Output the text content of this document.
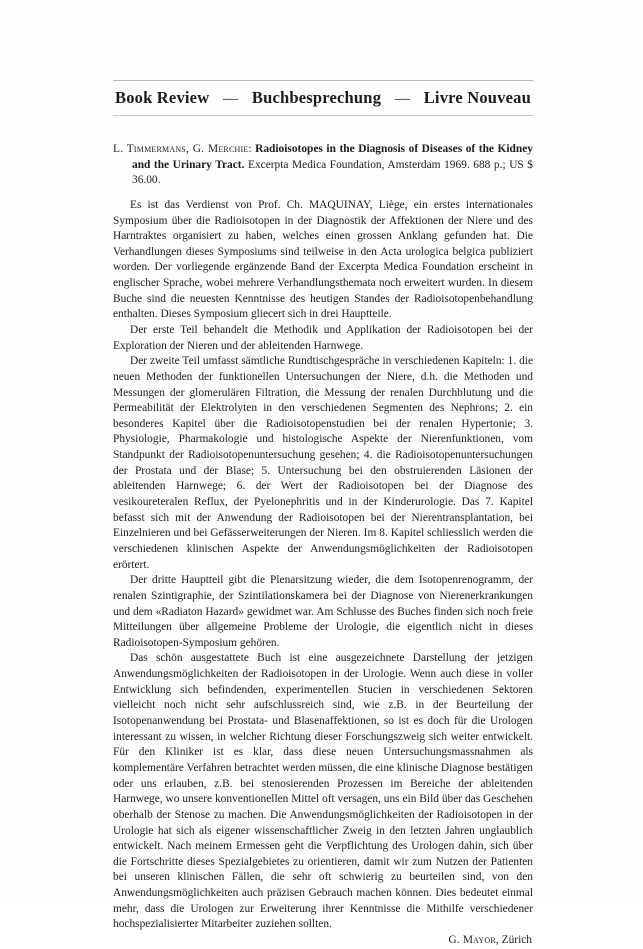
Book Review — Buchbesprechung — Livre Nouveau
L. Timmermans, G. Merchie: Radioisotopes in the Diagnosis of Diseases of the Kidney and the Urinary Tract. Excerpta Medica Foundation, Amsterdam 1969. 688 p.; US $ 36.00.

Es ist das Verdienst von Prof. Ch. MAQUINAY, Liège, ein erstes internationales Symposium über die Radioisotopen in der Diagnostik der Affektionen der Niere und des Harntraktes organisiert zu haben, welches einen grossen Anklang gefunden hat. Die Verhandlungen dieses Symposiums sind teilweise in den Acta urologica belgica publiziert worden. Der vorliegende ergänzende Band der Excerpta Medica Foundation erscheint in englischer Sprache, wobei mehrere Verhandlungsthemata noch erweitert wurden. In diesem Buche sind die neuesten Kenntnisse des heutigen Standes der Radioisotopenbehandlung enthalten. Dieses Symposium gliecert sich in drei Hauptteile.

Der erste Teil behandelt die Methodik und Applikation der Radioisotopen bei der Exploration der Nieren und der ableitenden Harnwege.

Der zweite Teil umfasst sämtliche Rundtischgespräche in verschiedenen Kapiteln: 1. die neuen Methoden der funktionellen Untersuchungen der Niere, d.h. die Methoden und Messungen der glomerulären Filtration, die Messung der renalen Durchblutung und die Permeabilität der Elektrolyten in den verschiedenen Segmenten des Nephrons; 2. ein besonderes Kapitel über die Radioisotopenstudien bei der renalen Hypertonie; 3. Physiologie, Pharmakologie und histologische Aspekte der Nierenfunktionen, vom Standpunkt der Radioisotopenuntersuchung gesehen; 4. die Radioisotopenuntersuchungen der Prostata und der Blase; 5. Untersuchung bei den obstruierenden Läsionen der ableitenden Harnwege; 6. der Wert der Radioisotopen bei der Diagnose des vesikoureteralen Reflux, der Pyelonephritis und in der Kinderurologie. Das 7. Kapitel befasst sich mit der Anwendung der Radioisotopen bei der Nierentransplantation, bei Einzelnieren und bei Gefässerweiterungen der Nieren. Im 8. Kapitel schliesslich werden die verschiedenen klinischen Aspekte der Anwendungsmöglichkeiten der Radioisotopen erörtert.

Der dritte Hauptteil gibt die Plenarsitzung wieder, die dem Isotopenrenogramm, der renalen Szintigraphie, der Szintilationskamera bei der Diagnose von Nierenerkrankungen und dem «Radiaton Hazard» gewidmet war. Am Schlusse des Buches finden sich noch freie Mitteilungen über allgemeine Probleme der Urologie, die eigentlich nicht in dieses Radioisotopen-Symposium gehören.

Das schön ausgestattete Buch ist eine ausgezeichnete Darstellung der jetzigen Anwendungsmöglichkeiten der Radioisotopen in der Urologie. Wenn auch diese in voller Entwicklung sich befindenden, experimentellen Stucien in verschiedenen Sektoren vielleicht noch nicht sehr aufschlussreich sind, wie z.B. in der Beurteilung der Isotopenanwendung bei Prostata- und Blasenaffektionen, so ist es doch für die Urologen interessant zu wissen, in welcher Richtung dieser Forschungszweig sich weiter entwickelt. Für den Kliniker ist es klar, dass diese neuen Untersuchungsmassnahmen als komplementäre Verfahren betrachtet werden müssen, die eine klinische Diagnose bestätigen oder uns erlauben, z.B. bei stenosierenden Prozessen im Bereiche der ableitenden Harnwege, wo unsere konventionellen Mittel oft versagen, uns ein Bild über das Geschehen oberhalb der Stenose zu machen. Die Anwendungsmöglichkeiten der Radioisotopen in der Urologie hat sich als eigener wissenschaftlicher Zweig in den letzten Jahren unglaublich entwickelt. Nach meinem Ermessen geht die Verpflichtung des Urologen dahin, sich über die Fortschritte dieses Spezialgebietes zu orientieren, damit wir zum Nutzen der Patienten bei unseren klinischen Fällen, die sehr oft schwierig zu beurteilen sind, von den Anwendungsmöglichkeiten auch präzisen Gebrauch machen können. Dies bedeutet einmal mehr, dass die Urologen zur Erweiterung ihrer Kenntnisse die Mithilfe verschiedener hochspezialisierter Mitarbeiter zuziehen sollten.

G. Mayor, Zürich
